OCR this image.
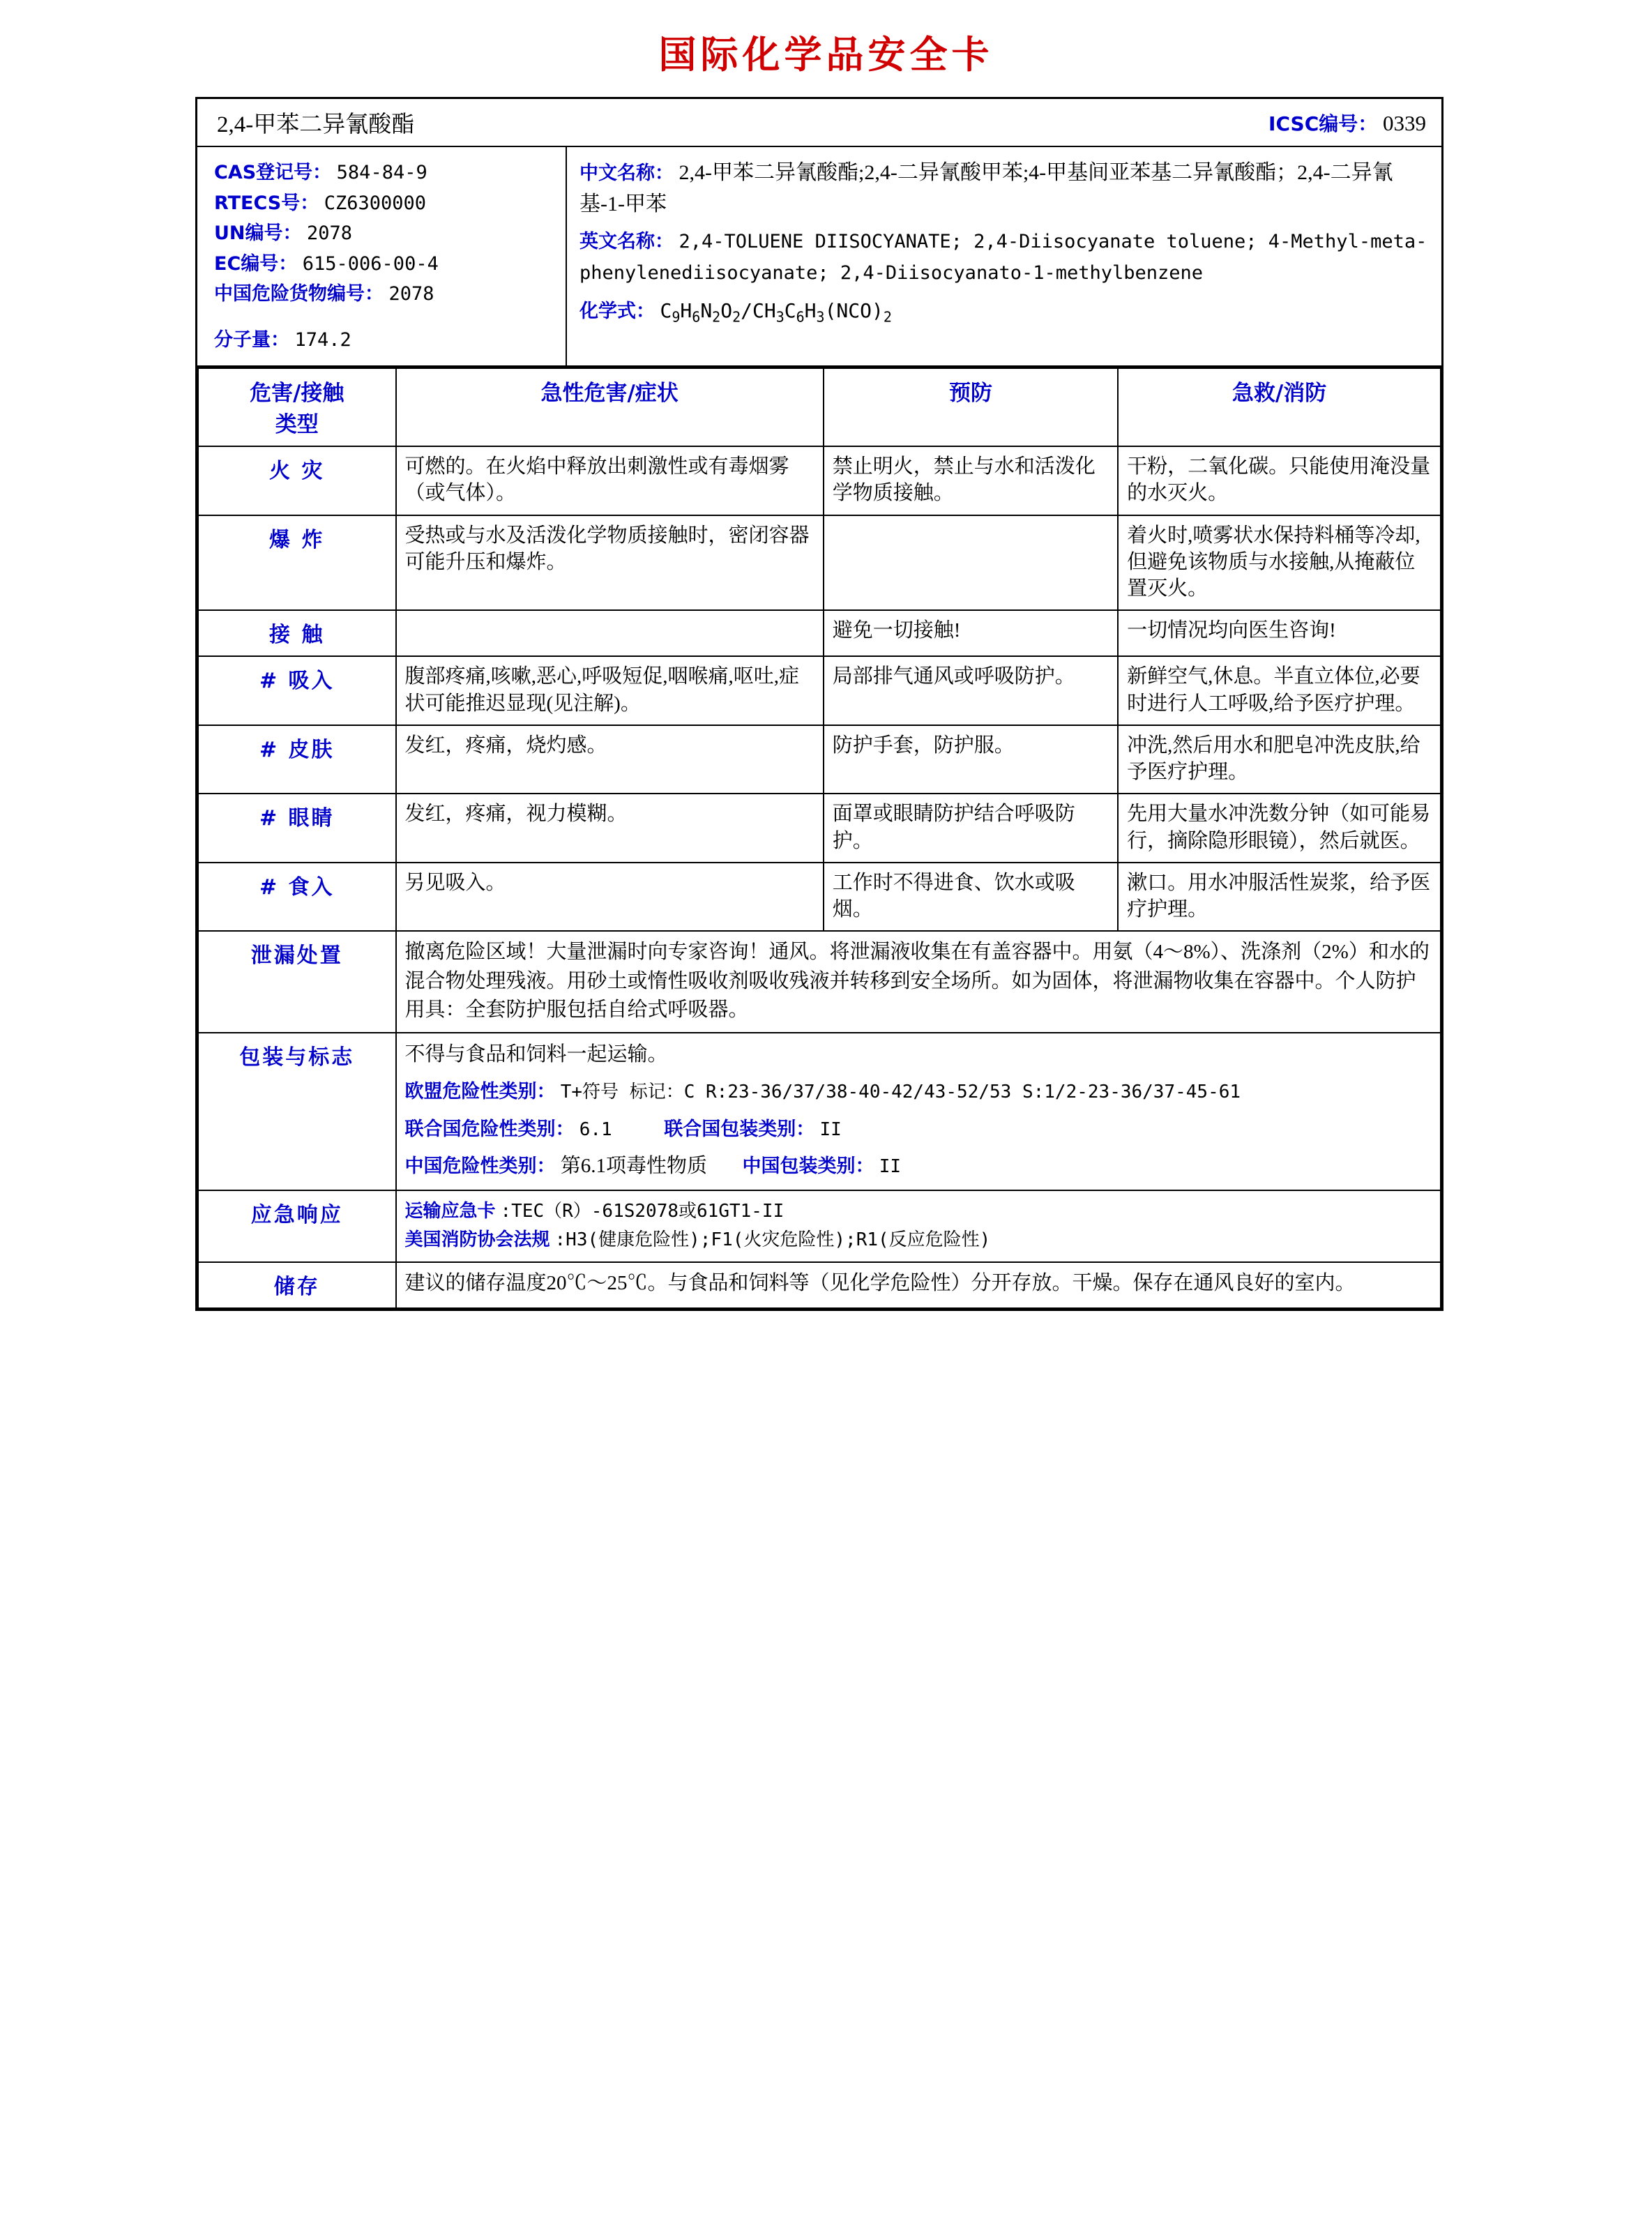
国际化学品安全卡
2,4-甲苯二异氰酸酯	ICSC编号： 0339
CAS登记号： 584-84-9
RTECS号： CZ6300000
UN编号： 2078
EC编号： 615-006-00-4
中国危险货物编号： 2078
分子量： 174.2
中文名称： 2,4-甲苯二异氰酸酯;2,4-二异氰酸甲苯;4-甲基间亚苯基二异氰酸酯；2,4-二异氰基-1-甲苯
英文名称： 2,4-TOLUENE DIISOCYANATE; 2,4-Diisocyanate toluene; 4-Methyl-meta-phenylenediisocyanate; 2,4-Diisocyanato-1-methylbenzene
化学式： $C_9H_6N_2O_2/CH_3C_6H_3(NCO)_2$
危害/接触
类型	急性危害/症状	预防	急救/消防
火 灾	可燃的。在火焰中释放出刺激性或有毒烟雾（或气体）。	禁止明火，禁止与水和活泼化学物质接触。	干粉，二氧化碳。只能使用淹没量的水灭火。
爆 炸	受热或与水及活泼化学物质接触时，密闭容器可能升压和爆炸。		着火时,喷雾状水保持料桶等冷却,但避免该物质与水接触,从掩蔽位置灭火。
接 触		避免一切接触!	一切情况均向医生咨询!
# 吸入	腹部疼痛,咳嗽,恶心,呼吸短促,咽喉痛,呕吐,症状可能推迟显现(见注解)。	局部排气通风或呼吸防护。	新鲜空气,休息。半直立体位,必要时进行人工呼吸,给予医疗护理。
# 皮肤	发红，疼痛，烧灼感。	防护手套，防护服。	冲洗,然后用水和肥皂冲洗皮肤,给予医疗护理。
# 眼睛	发红，疼痛，视力模糊。	面罩或眼睛防护结合呼吸防护。	先用大量水冲洗数分钟（如可能易行，摘除隐形眼镜），然后就医。
# 食入	另见吸入。	工作时不得进食、饮水或吸烟。	漱口。用水冲服活性炭浆，给予医疗护理。
泄漏处置	撤离危险区域！大量泄漏时向专家咨询！通风。将泄漏液收集在有盖容器中。用氨（4～8%）、洗涤剂（2%）和水的混合物处理残液。用砂土或惰性吸收剂吸收残液并转移到安全场所。如为固体，将泄漏物收集在容器中。个人防护用具：全套防护服包括自给式呼吸器。		
包装与标志	不得与食品和饲料一起运输。
欧盟危险性类别： T+符号 标记：C R:23-36/37/38-40-42/43-52/53 S:1/2-23-36/37-45-61
联合国危险性类别： 6.1 联合国包装类别： II
中国危险性类别： 第6.1项毒性物质 中国包装类别： II		

应急响应	运输应急卡 :TEC（R）-61S2078或61GT1-II
美国消防协会法规 :H3(健康危险性);F1(火灾危险性);R1(反应危险性)		

储存	建议的储存温度20℃～25℃。与食品和饲料等（见化学危险性）分开存放。干燥。保存在通风良好的室内。		
